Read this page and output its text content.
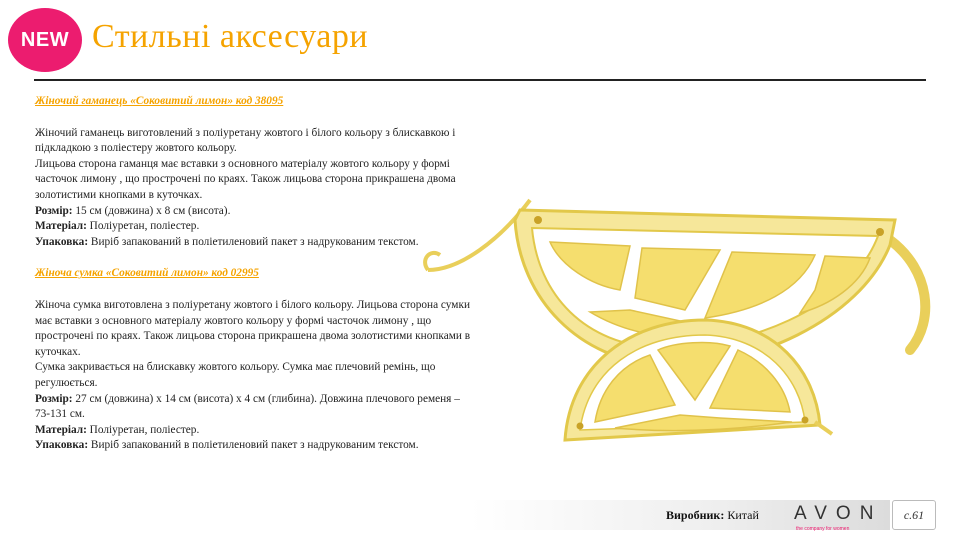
NEW Стильні аксесуари
Жіночий гаманець «Соковитий лимон» код 38095
Жіночий гаманець виготовлений з поліуретану жовтого і білого кольору з блискавкою і підкладкою з поліестеру жовтого кольору.
Лицьова сторона гаманця має вставки з основного матеріалу жовтого кольору у формі часточок лимону , що прострочені по краях. Також лицьова сторона прикрашена двома золотистими кнопками в куточках.
Розмір: 15 см (довжина) х 8 см (висота).
Матеріал: Поліуретан, поліестер.
Упаковка: Виріб запакований в поліетиленовий пакет з надрукованим текстом.
Жіноча сумка «Соковитий лимон» код 02995
Жіноча сумка виготовлена з поліуретану жовтого і білого кольору. Лицьова сторона сумки має вставки з основного матеріалу жовтого кольору у формі часточок лимону , що прострочені по краях. Також лицьова сторона прикрашена двома золотистими кнопками в куточках.
Сумка закривається на блискавку жовтого кольору. Сумка має плечовий ремінь, що регулюється.
Розмір: 27 см (довжина) х 14 см (висота) х 4 см (глибина). Довжина плечового ременя – 73-131 см.
Матеріал: Поліуретан, поліестер.
Упаковка: Виріб запакований в поліетиленовий пакет з надрукованим текстом.
Виробник: Китай AVON
the company for women
с.61
